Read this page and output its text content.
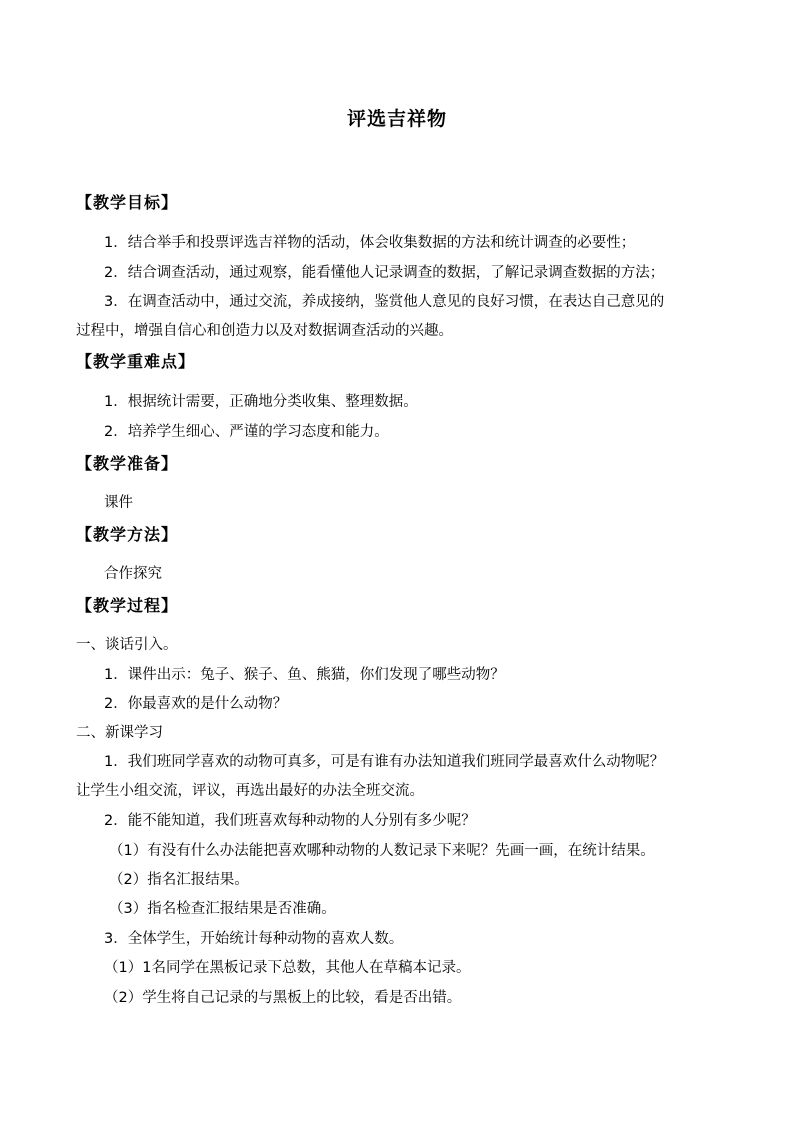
评选吉祥物
【教学目标】
1．结合举手和投票评选吉祥物的活动，体会收集数据的方法和统计调查的必要性；
2．结合调查活动，通过观察，能看懂他人记录调查的数据，了解记录调查数据的方法；
3．在调查活动中，通过交流，养成接纳，鉴赏他人意见的良好习惯，在表达自己意见的
过程中，增强自信心和创造力以及对数据调查活动的兴趣。
【教学重难点】
1．根据统计需要，正确地分类收集、整理数据。
2．培养学生细心、严谨的学习态度和能力。
【教学准备】
课件
【教学方法】
合作探究
【教学过程】
一、谈话引入。
1．课件出示：兔子、猴子、鱼、熊猫，你们发现了哪些动物？
2．你最喜欢的是什么动物？
二、新课学习
1．我们班同学喜欢的动物可真多，可是有谁有办法知道我们班同学最喜欢什么动物呢？
让学生小组交流，评议，再选出最好的办法全班交流。
2．能不能知道，我们班喜欢每种动物的人分别有多少呢？
（1）有没有什么办法能把喜欢哪种动物的人数记录下来呢？先画一画，在统计结果。
（2）指名汇报结果。
（3）指名检查汇报结果是否准确。
3．全体学生，开始统计每种动物的喜欢人数。
（1）1名同学在黑板记录下总数，其他人在草稿本记录。
（2）学生将自己记录的与黑板上的比较，看是否出错。
